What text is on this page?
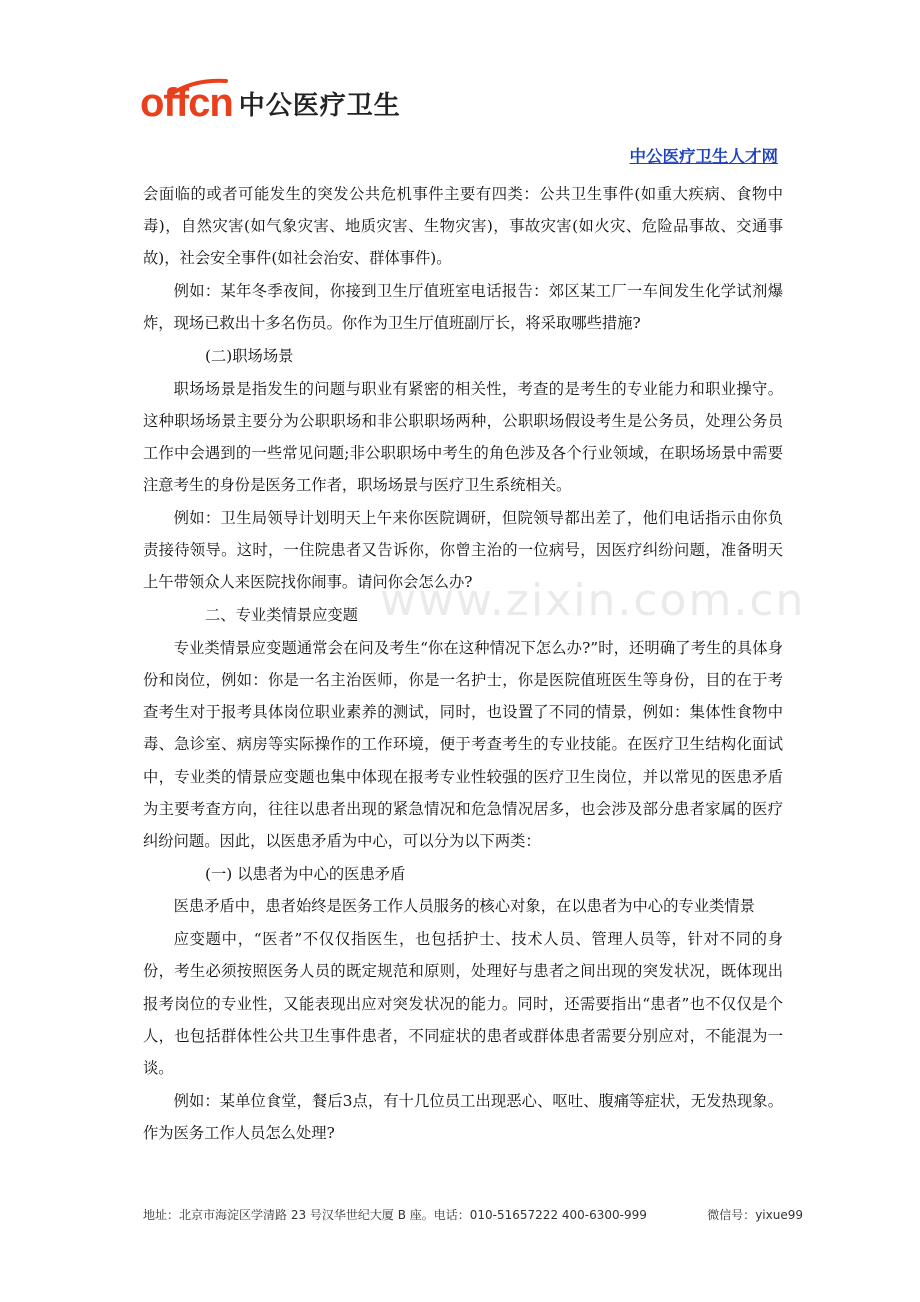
offcn 中公医疗卫生
中公医疗卫生人才网
www.zixin.com.cn

会面临的或者可能发生的突发公共危机事件主要有四类：公共卫生事件(如重大疾病、食物中毒)，自然灾害(如气象灾害、地质灾害、生物灾害)，事故灾害(如火灾、危险品事故、交通事故)，社会安全事件(如社会治安、群体事件)。

例如：某年冬季夜间，你接到卫生厅值班室电话报告：郊区某工厂一车间发生化学试剂爆炸，现场已救出十多名伤员。你作为卫生厅值班副厅长，将采取哪些措施?

(二)职场场景

职场场景是指发生的问题与职业有紧密的相关性，考查的是考生的专业能力和职业操守。这种职场场景主要分为公职职场和非公职职场两种，公职职场假设考生是公务员，处理公务员工作中会遇到的一些常见问题;非公职职场中考生的角色涉及各个行业领域，在职场场景中需要注意考生的身份是医务工作者，职场场景与医疗卫生系统相关。

例如：卫生局领导计划明天上午来你医院调研，但院领导都出差了，他们电话指示由你负责接待领导。这时，一住院患者又告诉你，你曾主治的一位病号，因医疗纠纷问题，准备明天上午带领众人来医院找你闹事。请问你会怎么办?

二、专业类情景应变题

专业类情景应变题通常会在问及考生“你在这种情况下怎么办?”时，还明确了考生的具体身份和岗位，例如：你是一名主治医师，你是一名护士，你是医院值班医生等身份，目的在于考查考生对于报考具体岗位职业素养的测试，同时，也设置了不同的情景，例如：集体性食物中毒、急诊室、病房等实际操作的工作环境，便于考查考生的专业技能。在医疗卫生结构化面试中，专业类的情景应变题也集中体现在报考专业性较强的医疗卫生岗位，并以常见的医患矛盾为主要考查方向，往往以患者出现的紧急情况和危急情况居多，也会涉及部分患者家属的医疗纠纷问题。因此，以医患矛盾为中心，可以分为以下两类：

(一) 以患者为中心的医患矛盾

医患矛盾中，患者始终是医务工作人员服务的核心对象，在以患者为中心的专业类情景

应变题中，“医者”不仅仅指医生，也包括护士、技术人员、管理人员等，针对不同的身份，考生必须按照医务人员的既定规范和原则，处理好与患者之间出现的突发状况，既体现出报考岗位的专业性，又能表现出应对突发状况的能力。同时，还需要指出“患者”也不仅仅是个人，也包括群体性公共卫生事件患者，不同症状的患者或群体患者需要分别应对，不能混为一谈。

例如：某单位食堂，餐后3点，有十几位员工出现恶心、呕吐、腹痛等症状，无发热现象。作为医务工作人员怎么处理?

地址：北京市海淀区学清路 23 号汉华世纪大厦 B 座。电话：010-51657222 400-6300-999	微信号：yixue99
